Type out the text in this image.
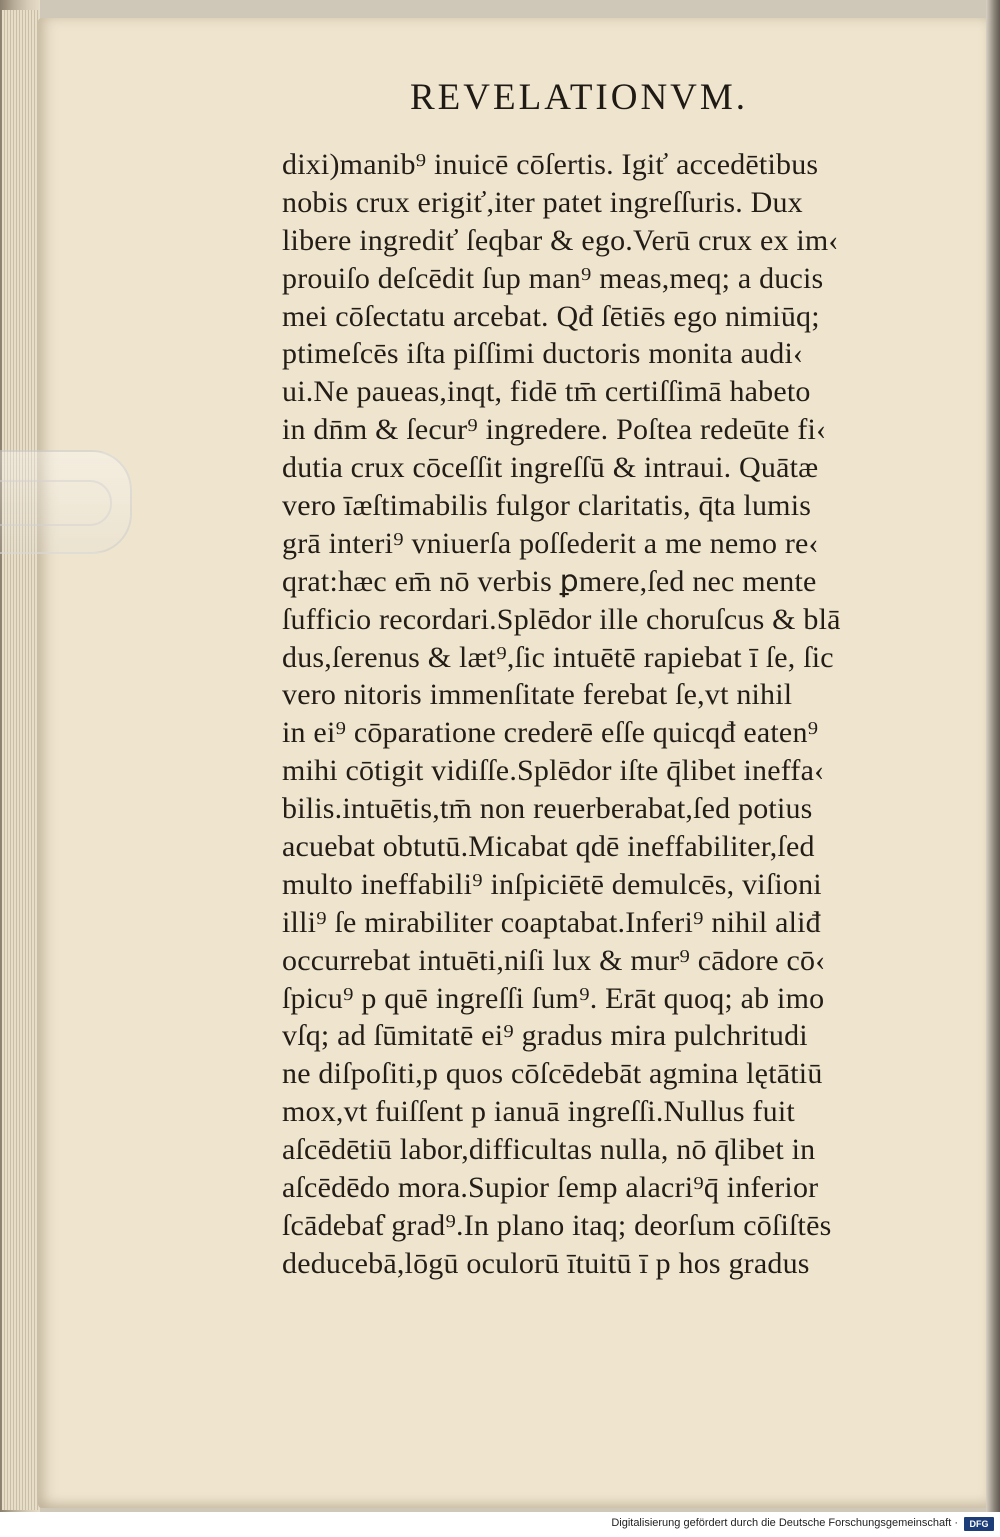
REVELATIONVM.
dixi)manib⁹ inuicē cōſertis. Igiť accedētibus
nobis crux erigiť,iter patet ingreſſuris. Dux
libere ingrediť ſeqbar & ego.Verū crux ex im‹
prouiſo deſcēdit ſup man⁹ meas,meq; a ducis
mei cōſectatu arcebat. Qđ ſētiēs ego nimiūq;
ptimeſcēs iſta piſſimi ductoris monita audi‹
ui.Ne paueas,inqt, fidē tm̄ certiſſimā habeto
in dn̄m & ſecur⁹ ingredere. Poſtea redeūte fi‹
dutia crux cōceſſit ingreſſū & intraui. Quātæ
vero īæſtimabilis fulgor claritatis, q̄ta lumis
grā interi⁹ vniuerſa poſſederit a me nemo re‹
qrat:hæc em̄ nō verbis ꝑmere,ſed nec mente
ſufficio recordari.Splēdor ille choruſcus & blā
dus,ſerenus & læt⁹,ſic intuētē rapiebat ī ſe, ſic
vero nitoris immenſitate ferebat ſe,vt nihil
in ei⁹ cōparatione crederē eſſe quicqđ eaten⁹
mihi cōtigit vidiſſe.Splēdor iſte q̄libet ineffa‹
bilis.intuētis,tm̄ non reuerberabat,ſed potius
acuebat obtutū.Micabat qdē ineffabiliter,ſed
multo ineffabili⁹ inſpiciētē demulcēs, viſioni
illi⁹ ſe mirabiliter coaptabat.Inferi⁹ nihil aliđ
occurrebat intuēti,niſi lux & mur⁹ cādore cō‹
ſpicu⁹ p quē ingreſſi ſum⁹. Erāt quoq; ab imo
vſq; ad ſūmitatē ei⁹ gradus mira pulchritudi
ne diſpoſiti,p quos cōſcēdebāt agmina lętātiū
mox,vt fuiſſent p ianuā ingreſſi.Nullus fuit
aſcēdētiū labor,difficultas nulla, nō q̄libet in
aſcēdēdo mora.Supior ſemp alacri⁹q̄ inferior
ſcādebaƭ grad⁹.In plano itaq; deorſum cōſiſtēs
deducebā,lōgū oculorū ītuitū ī p hos gradus
Digitalisierung gefördert durch die Deutsche Forschungsgemeinschaft ·	DFG
